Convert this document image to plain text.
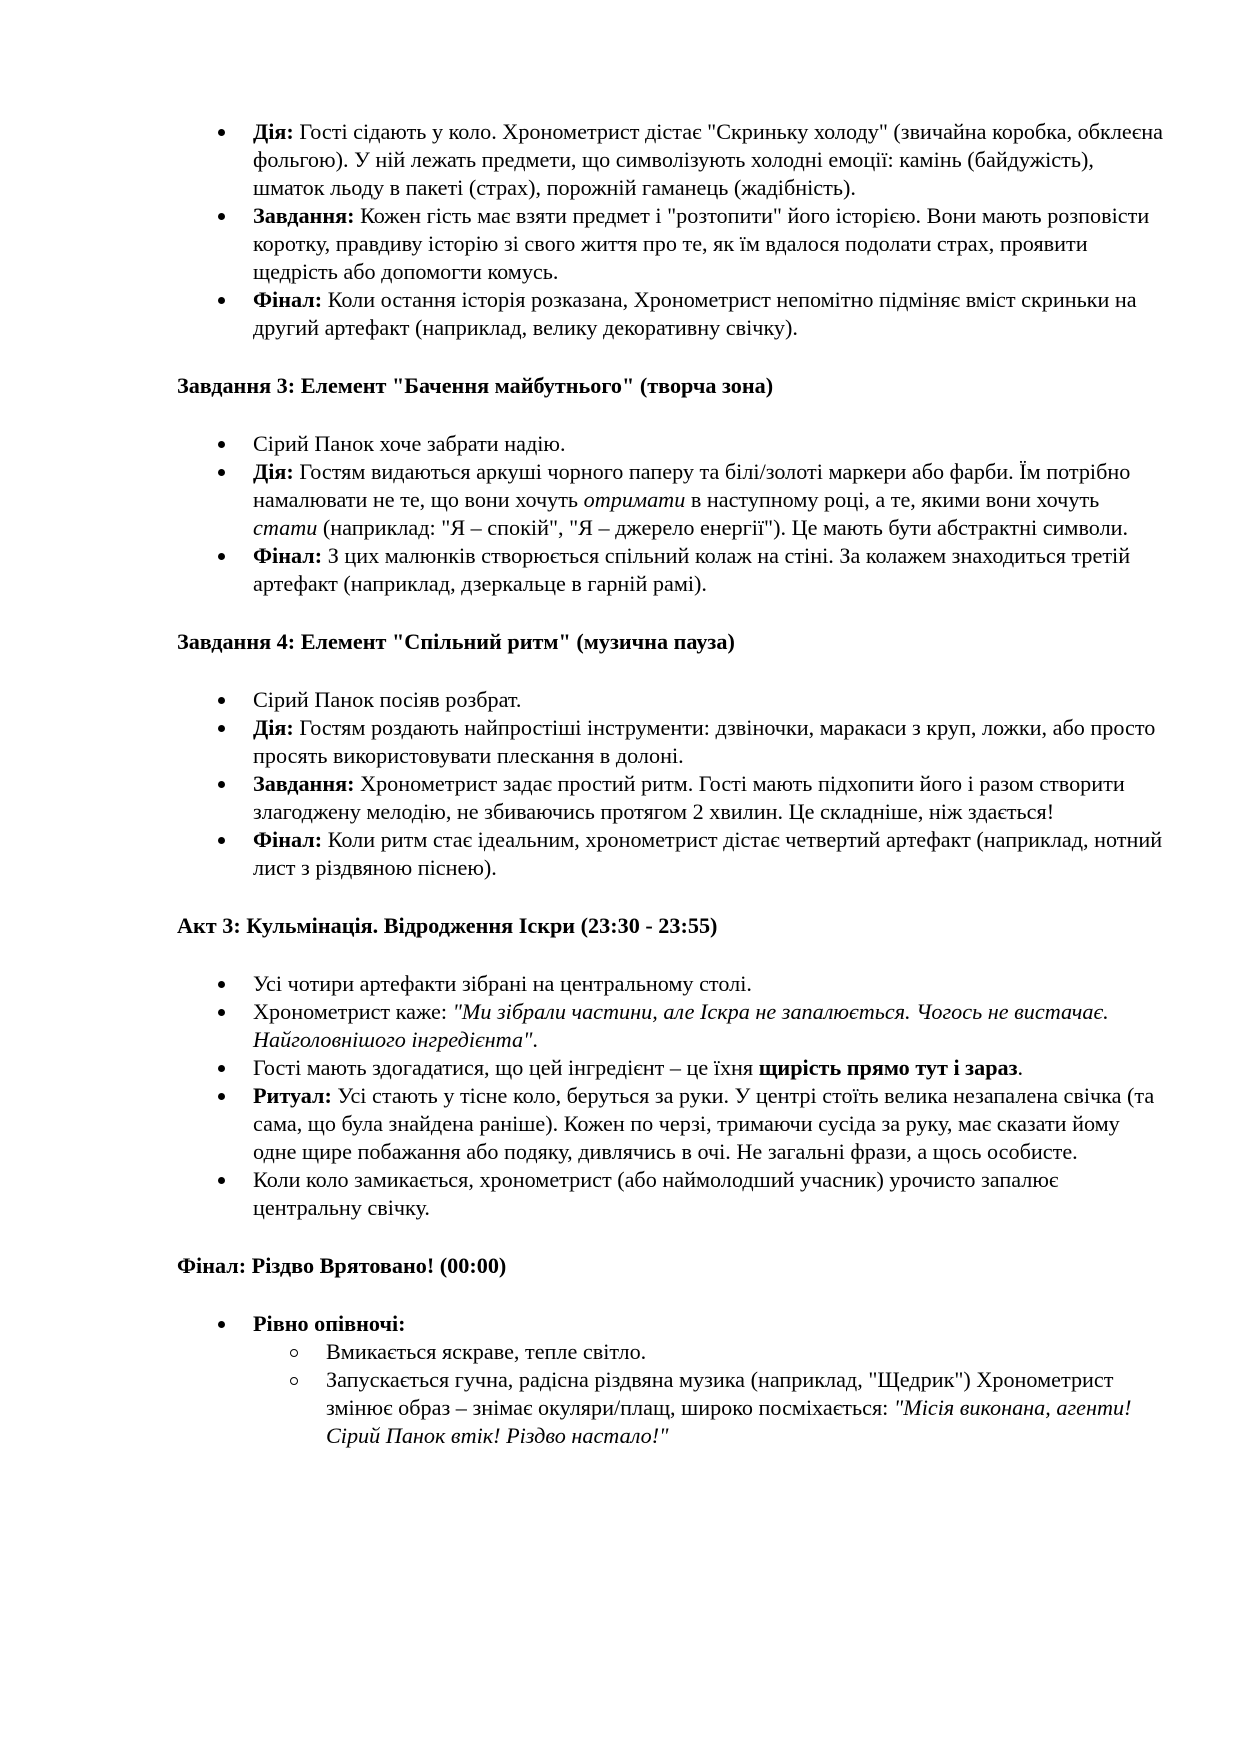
Дія: Гості сідають у коло. Хронометрист дістає "Скриньку холоду" (звичайна коробка, обклеєна фольгою). У ній лежать предмети, що символізують холодні емоції: камінь (байдужість), шматок льоду в пакеті (страх), порожній гаманець (жадібність).
Завдання: Кожен гість має взяти предмет і "розтопити" його історією. Вони мають розповісти коротку, правдиву історію зі свого життя про те, як їм вдалося подолати страх, проявити щедрість або допомогти комусь.
Фінал: Коли остання історія розказана, Хронометрист непомітно підміняє вміст скриньки на другий артефакт (наприклад, велику декоративну свічку).
Завдання 3: Елемент "Бачення майбутнього" (творча зона)
Сірий Панок хоче забрати надію.
Дія: Гостям видаються аркуші чорного паперу та білі/золоті маркери або фарби. Їм потрібно намалювати не те, що вони хочуть отримати в наступному році, а те, якими вони хочуть стати (наприклад: "Я – спокій", "Я – джерело енергії"). Це мають бути абстрактні символи.
Фінал: З цих малюнків створюється спільний колаж на стіні. За колажем знаходиться третій артефакт (наприклад, дзеркальце в гарній рамі).
Завдання 4: Елемент "Спільний ритм" (музична пауза)
Сірий Панок посіяв розбрат.
Дія: Гостям роздають найпростіші інструменти: дзвіночки, маракаси з круп, ложки, або просто просять використовувати плескання в долоні.
Завдання: Хронометрист задає простий ритм. Гості мають підхопити його і разом створити злагоджену мелодію, не збиваючись протягом 2 хвилин. Це складніше, ніж здається!
Фінал: Коли ритм стає ідеальним, хронометрист дістає четвертий артефакт (наприклад, нотний лист з різдвяною піснею).
Акт 3: Кульмінація. Відродження Іскри (23:30 - 23:55)
Усі чотири артефакти зібрані на центральному столі.
Хронометрист каже: "Ми зібрали частини, але Іскра не запалюється. Чогось не вистачає. Найголовнішого інгредієнта".
Гості мають здогадатися, що цей інгредієнт – це їхня щирість прямо тут і зараз.
Ритуал: Усі стають у тісне коло, беруться за руки. У центрі стоїть велика незапалена свічка (та сама, що була знайдена раніше). Кожен по черзі, тримаючи сусіда за руку, має сказати йому одне щире побажання або подяку, дивлячись в очі. Не загальні фрази, а щось особисте.
Коли коло замикається, хронометрист (або наймолодший учасник) урочисто запалює центральну свічку.
Фінал: Різдво Врятовано! (00:00)
Рівно опівночі:
Вмикається яскраве, тепле світло.
Запускається гучна, радісна різдвяна музика (наприклад, "Щедрик") Хронометрист змінює образ – знімає окуляри/плащ, широко посміхається: "Місія виконана, агенти! Сірий Панок втік! Різдво настало!"
